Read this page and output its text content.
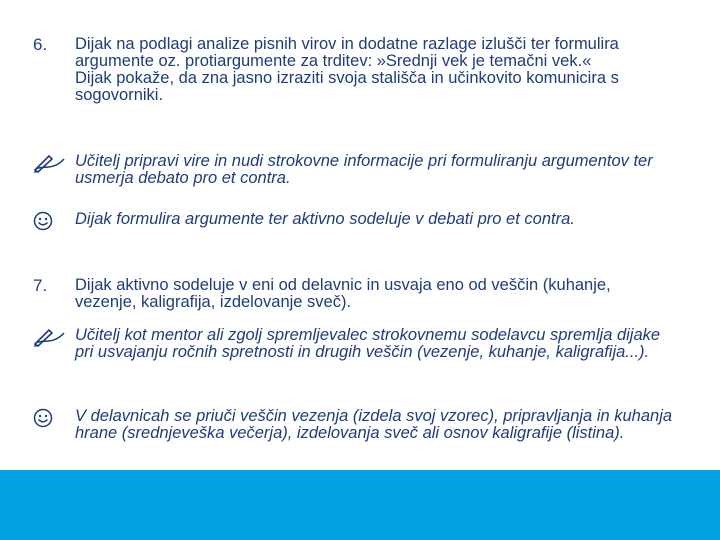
6.	Dijak na podlagi analize pisnih virov in dodatne razlage izlušči ter formulira argumente oz. protiargumente za trditev: »Srednji vek je temačni vek.«

Dijak pokaže, da zna jasno izraziti svoja stališča in učinkovito komunicira s sogovorniki.

Učitelj pripravi vire in nudi strokovne informacije pri formuliranju argumentov ter usmerja debato pro et contra.

Dijak formulira argumente ter aktivno sodeluje v debati pro et contra.

7.	Dijak aktivno sodeluje v eni od delavnic in usvaja eno od veščin (kuhanje, vezenje, kaligrafija, izdelovanje sveč).

Učitelj kot mentor ali zgolj spremljevalec strokovnemu sodelavcu spremlja dijake pri usvajanju ročnih spretnosti in drugih veščin (vezenje, kuhanje, kaligrafija...).

V delavnicah se priuči veščin vezenja (izdela svoj vzorec), pripravljanja in kuhanja hrane (srednjeveška večerja), izdelovanja sveč ali osnov kaligrafije (listina).
